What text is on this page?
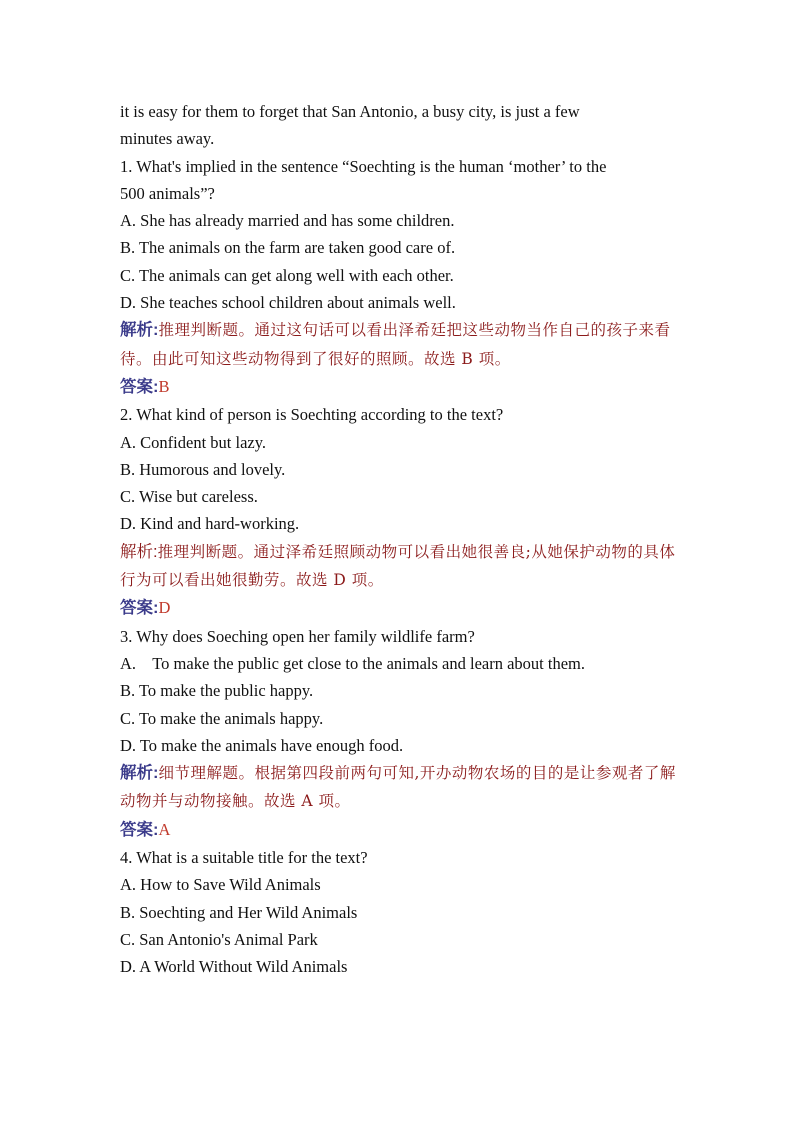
it is easy for them to forget that San Antonio, a busy city, is just a few
minutes away.
1. What's implied in the sentence “Soechting is the human ‘mother’ to the
500 animals”?
A. She has already married and has some children.
B. The animals on the farm are taken good care of.
C. The animals can get along well with each other.
D. She teaches school children about animals well.
解析:推理判断题。通过这句话可以看出泽希廷把这些动物当作自己的孩子来看待。由此可知这些动物得到了很好的照顾。故选 B 项。
答案:B
2. What kind of person is Soechting according to the text?
A. Confident but lazy.
B. Humorous and lovely.
C. Wise but careless.
D. Kind and hard-working.
解析:推理判断题。通过泽希廷照顾动物可以看出她很善良;从她保护动物的具体行为可以看出她很勤劳。故选 D 项。
答案:D
3. Why does Soeching open her family wildlife farm?
A.    To make the public get close to the animals and learn about them.
B. To make the public happy.
C. To make the animals happy.
D. To make the animals have enough food.
解析:细节理解题。根据第四段前两句可知,开办动物农场的目的是让参观者了解动物并与动物接触。故选 A 项。
答案:A
4. What is a suitable title for the text?
A. How to Save Wild Animals
B. Soechting and Her Wild Animals
C. San Antonio's Animal Park
D. A World Without Wild Animals
